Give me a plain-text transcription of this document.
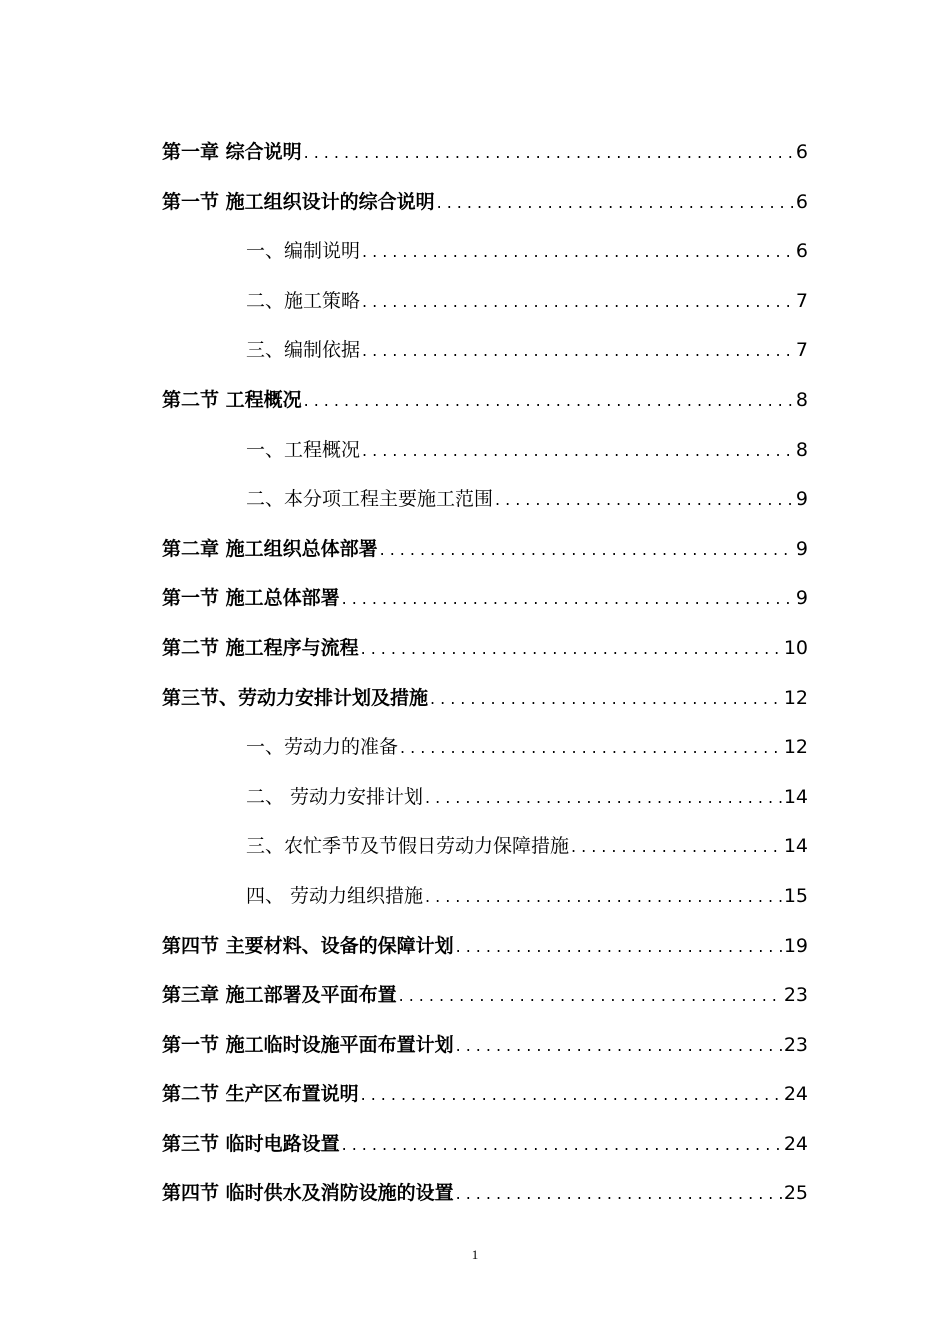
第一章 综合说明 .....	6
第一节 施工组织设计的综合说明 .....	6
一、编制说明 .....	6
二、施工策略 .....	7
三、编制依据 .....	7
第二节 工程概况 .....	8
一、工程概况 .....	8
二、本分项工程主要施工范围 .....	9
第二章 施工组织总体部署 .....	9
第一节 施工总体部署 .....	9
第二节 施工程序与流程 .....	10
第三节、劳动力安排计划及措施 .....	12
一、劳动力的准备 .....	12
二、 劳动力安排计划 .....	14
三、农忙季节及节假日劳动力保障措施 .....	14
四、 劳动力组织措施 .....	15
第四节 主要材料、设备的保障计划 .....	19
第三章 施工部署及平面布置 .....	23
第一节 施工临时设施平面布置计划 .....	23
第二节 生产区布置说明 .....	24
第三节 临时电路设置 .....	24
第四节 临时供水及消防设施的设置 .....	25
1
